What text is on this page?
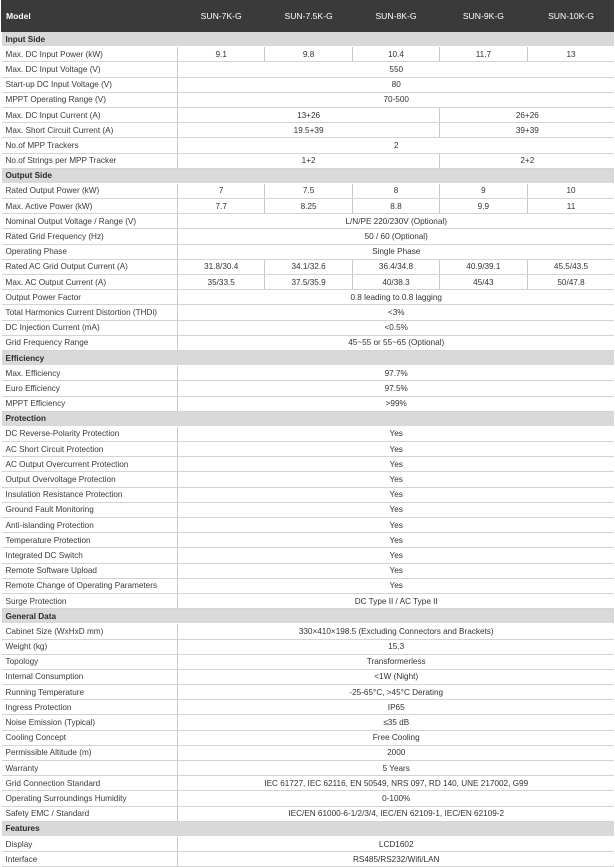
Model	SUN-7K-G	SUN-7.5K-G	SUN-8K-G	SUN-9K-G	SUN-10K-G
Input Side					
Max. DC Input Power (kW)	9.1	9.8	10.4	11.7	13
Max. DC Input Voltage (V)	550				
Start-up DC Input Voltage (V)	80				
MPPT Operating Range (V)	70-500				
Max. DC Input Current (A)	13+26			26+26	
Max. Short Circuit Current (A)	19.5+39			39+39	
No.of MPP Trackers	2				
No.of Strings per MPP Tracker	1+2			2+2	
Output Side					
Rated Output Power (kW)	7	7.5	8	9	10
Max. Active Power (kW)	7.7	8.25	8.8	9.9	11
Nominal Output Voltage / Range (V)	L/N/PE 220/230V (Optional)				
Rated Grid Frequency (Hz)	50 / 60 (Optional)				
Operating Phase	Single Phase				
Rated AC Grid Output Current (A)	31.8/30.4	34.1/32.6	36.4/34.8	40.9/39.1	45.5/43.5
Max. AC Output Current (A)	35/33.5	37.5/35.9	40/38.3	45/43	50/47.8
Output Power Factor	0.8 leading to 0.8 lagging				
Total Harmonics Current Distortion (THDi)	<3%				
DC Injection Current (mA)	<0.5%				
Grid Frequency Range	45~55 or 55~65 (Optional)				
Efficiency					
Max. Efficiency	97.7%				
Euro Efficiency	97.5%				
MPPT Efficiency	>99%				
Protection					
DC Reverse-Polarity Protection	Yes				
AC Short Circuit Protection	Yes				
AC Output Overcurrent Protection	Yes				
Output Overvoltage Protection	Yes				
Insulation Resistance Protection	Yes				
Ground Fault Monitoring	Yes				
Anti-islanding Protection	Yes				
Temperature Protection	Yes				
Integrated DC Switch	Yes				
Remote Software Upload	Yes				
Remote Change of Operating Parameters	Yes				
Surge Protection	DC Type II / AC Type II				
General Data					
Cabinet Size (WxHxD mm)	330×410×198.5 (Excluding Connectors and Brackets)				
Weight (kg)	15.3				
Topology	Transformerless				
Internal Consumption	<1W (Night)				
Running Temperature	-25-65°C, >45°C Derating				
Ingress Protection	IP65				
Noise Emission (Typical)	≤35 dB				
Cooling Concept	Free Cooling				
Permissible Altitude (m)	2000				
Warranty	5 Years				
Grid Connection Standard	IEC 61727, IEC 62116, EN 50549, NRS 097, RD 140, UNE 217002, G99				
Operating Surroundings Humidity	0-100%				
Safety EMC / Standard	IEC/EN 61000-6-1/2/3/4, IEC/EN 62109-1, IEC/EN 62109-2				
Features					
Display	LCD1602				
Interface	RS485/RS232/Wifi/LAN				
